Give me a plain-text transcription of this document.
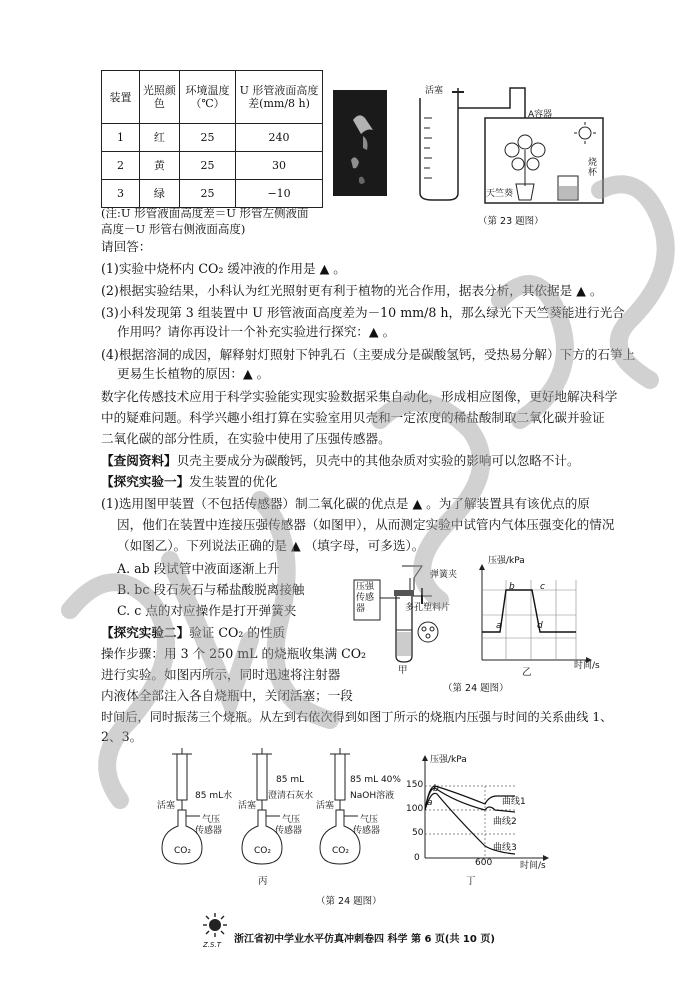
装置	光照颜色	环境温度（℃）	U 形管液面高度差(mm/8 h)
1	红	25	240
2	黄	25	30
3	绿	25	−10
活塞
A容器
天竺葵
烧杯
（第 23 题图）
(注:U 形管液面高度差＝U 形管左侧液面
高度－U 形管右侧液面高度)
请回答：
(1)实验中烧杯内 CO₂ 缓冲液的作用是 ▲ 。
(2)根据实验结果，小科认为红光照射更有利于植物的光合作用，据表分析，其依据是 ▲ 。
(3)小科发现第 3 组装置中 U 形管液面高度差为－10 mm/8 h，那么绿光下天竺葵能进行光合
作用吗？请你再设计一个补充实验进行探究：▲ 。
(4)根据溶洞的成因，解释射灯照射下钟乳石（主要成分是碳酸氢钙，受热易分解）下方的石笋上
更易生长植物的原因：▲ 。
数字化传感技术应用于科学实验能实现实验数据采集自动化，形成相应图像，更好地解决科学
中的疑难问题。科学兴趣小组打算在实验室用贝壳和一定浓度的稀盐酸制取二氧化碳并验证
二氧化碳的部分性质，在实验中使用了压强传感器。
【查阅资料】贝壳主要成分为碳酸钙，贝壳中的其他杂质对实验的影响可以忽略不计。
【探究实验一】发生装置的优化
(1)选用图甲装置（不包括传感器）制二氧化碳的优点是 ▲ 。为了解装置具有该优点的原
因，他们在装置中连接压强传感器（如图甲），从而测定实验中试管内气体压强变化的情况
（如图乙）。下列说法正确的是 ▲ （填字母，可多选）。
A. ab 段试管中液面逐渐上升
B. bc 段石灰石与稀盐酸脱离接触
C. c 点的对应操作是打开弹簧夹
【探究实验二】验证 CO₂ 的性质
操作步骤：用 3 个 250 mL 的烧瓶收集满 CO₂
进行实验。如图丙所示，同时迅速将注射器
内液体全部注入各自烧瓶中，关闭活塞；一段
时间后，同时振荡三个烧瓶。从左到右依次得到如图丁所示的烧瓶内压强与时间的关系曲线 1、
2、3。
压强传感器
弹簧夹
多孔塑料片
甲
压强/kPa
b	c
a	d
时间/s
乙
（第 24 题图）
85 mL水
85 mL
澄清石灰水
85 mL 40%
NaOH溶液
活塞	活塞	活塞
气压
传感器
气压
传感器
气压
传感器
CO₂	CO₂	CO₂
丙
压强/kPa
150
100
50
0
b
a	曲线1
曲线2
曲线3
600	时间/s
丁
（第 24 题图）
Z.S.T 浙江省初中学业水平仿真冲刺卷四 科学 第 6 页(共 10 页)
